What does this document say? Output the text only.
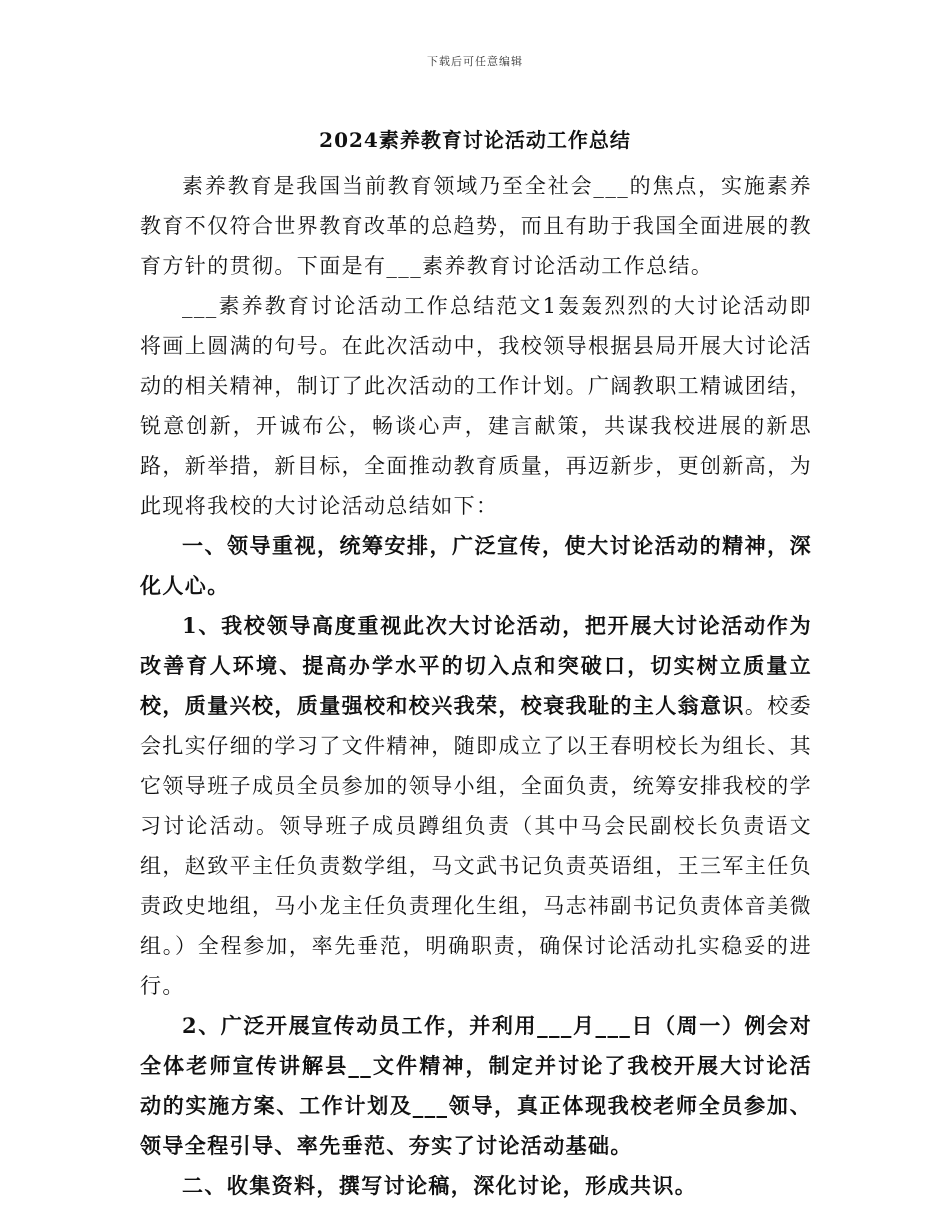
下载后可任意编辑
2024素养教育讨论活动工作总结

素养教育是我国当前教育领域乃至全社会___的焦点，实施素养教育不仅符合世界教育改革的总趋势，而且有助于我国全面进展的教育方针的贯彻。下面是有___素养教育讨论活动工作总结。

___素养教育讨论活动工作总结范文1轰轰烈烈的大讨论活动即将画上圆满的句号。在此次活动中，我校领导根据县局开展大讨论活动的相关精神，制订了此次活动的工作计划。广阔教职工精诚团结，锐意创新，开诚布公，畅谈心声，建言献策，共谋我校进展的新思路，新举措，新目标，全面推动教育质量，再迈新步，更创新高，为此现将我校的大讨论活动总结如下：

一、领导重视，统筹安排，广泛宣传，使大讨论活动的精神，深化人心。

1、我校领导高度重视此次大讨论活动，把开展大讨论活动作为改善育人环境、提高办学水平的切入点和突破口，切实树立质量立校，质量兴校，质量强校和校兴我荣，校衰我耻的主人翁意识。校委会扎实仔细的学习了文件精神，随即成立了以王春明校长为组长、其它领导班子成员全员参加的领导小组，全面负责，统筹安排我校的学习讨论活动。领导班子成员蹲组负责（其中马会民副校长负责语文组，赵致平主任负责数学组，马文武书记负责英语组，王三军主任负责政史地组，马小龙主任负责理化生组，马志祎副书记负责体音美微组。）全程参加，率先垂范，明确职责，确保讨论活动扎实稳妥的进行。

2、广泛开展宣传动员工作，并利用___月___日（周一）例会对全体老师宣传讲解县__文件精神，制定并讨论了我校开展大讨论活动的实施方案、工作计划及___领导，真正体现我校老师全员参加、领导全程引导、率先垂范、夯实了讨论活动基础。

二、收集资料，撰写讨论稿，深化讨论，形成共识。
